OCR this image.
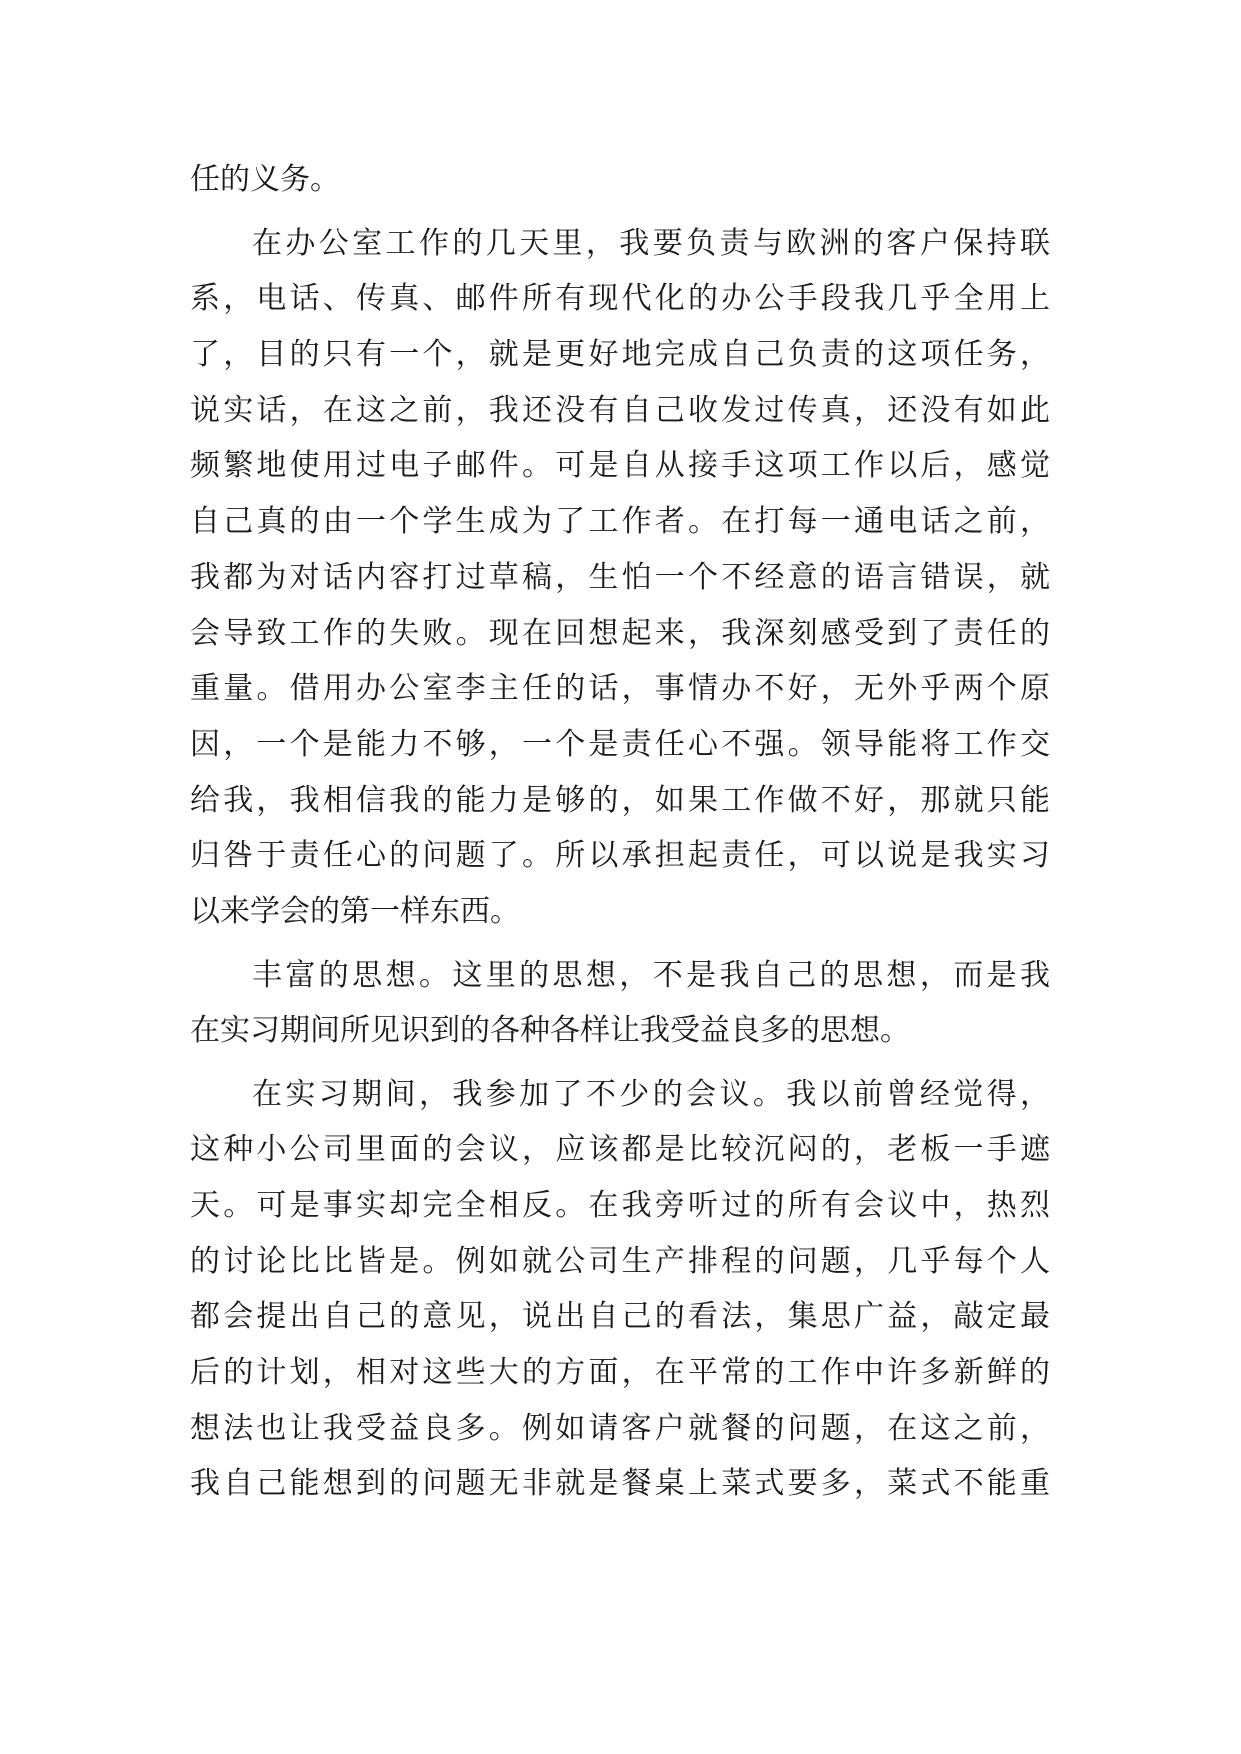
任的义务。
在办公室工作的几天里，我要负责与欧洲的客户保持联
系，电话、传真、邮件所有现代化的办公手段我几乎全用上
了，目的只有一个，就是更好地完成自己负责的这项任务，
说实话，在这之前，我还没有自己收发过传真，还没有如此
频繁地使用过电子邮件。可是自从接手这项工作以后，感觉
自己真的由一个学生成为了工作者。在打每一通电话之前，
我都为对话内容打过草稿，生怕一个不经意的语言错误，就
会导致工作的失败。现在回想起来，我深刻感受到了责任的
重量。借用办公室李主任的话，事情办不好，无外乎两个原
因，一个是能力不够，一个是责任心不强。领导能将工作交
给我，我相信我的能力是够的，如果工作做不好，那就只能
归咎于责任心的问题了。所以承担起责任，可以说是我实习
以来学会的第一样东西。
丰富的思想。这里的思想，不是我自己的思想，而是我
在实习期间所见识到的各种各样让我受益良多的思想。
在实习期间，我参加了不少的会议。我以前曾经觉得，
这种小公司里面的会议，应该都是比较沉闷的，老板一手遮
天。可是事实却完全相反。在我旁听过的所有会议中，热烈
的讨论比比皆是。例如就公司生产排程的问题，几乎每个人
都会提出自己的意见，说出自己的看法，集思广益，敲定最
后的计划，相对这些大的方面，在平常的工作中许多新鲜的
想法也让我受益良多。例如请客户就餐的问题，在这之前，
我自己能想到的问题无非就是餐桌上菜式要多，菜式不能重
